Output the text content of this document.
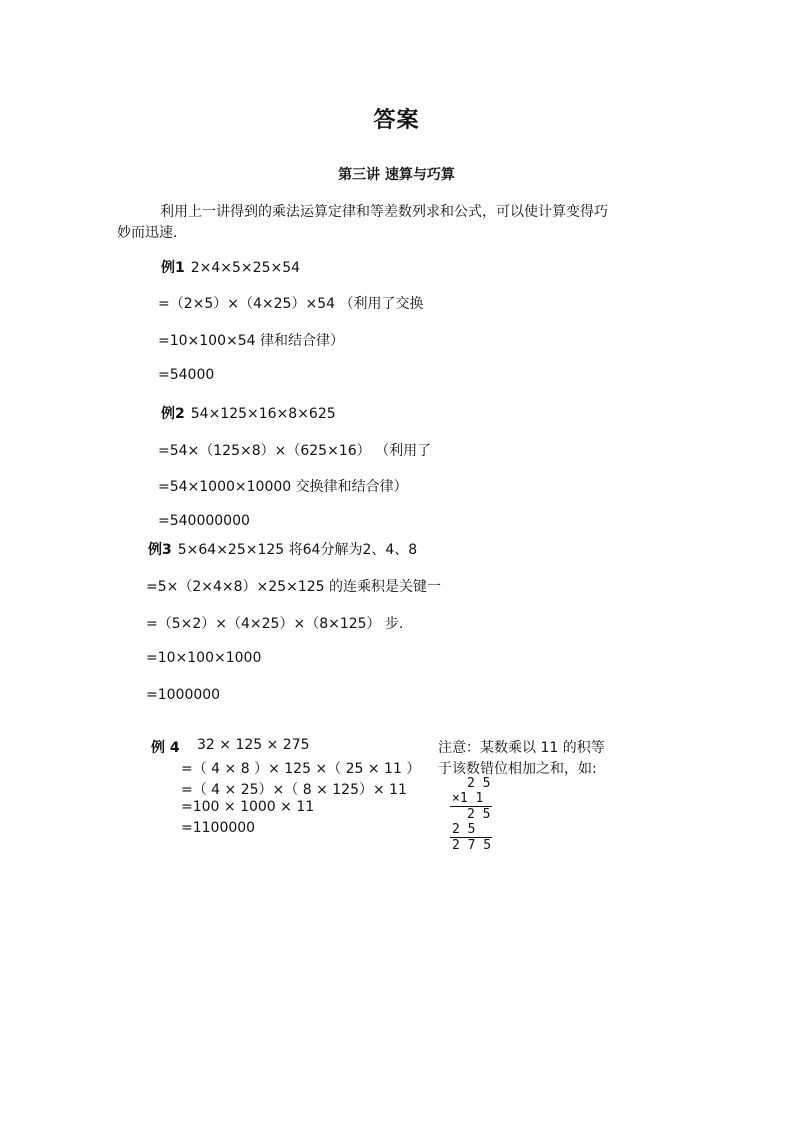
答案
第三讲 速算与巧算
利用上一讲得到的乘法运算定律和等差数列求和公式，可以使计算变得巧
妙而迅速.
例1 2×4×5×25×54
=（2×5）×（4×25）×54 （利用了交换
=10×100×54 律和结合律）
=54000
例2 54×125×16×8×625
=54×（125×8）×（625×16） （利用了
=54×1000×10000 交换律和结合律）
=540000000
例3 5×64×25×125 将64分解为2、4、8
=5×（2×4×8）×25×125 的连乘积是关键一
=（5×2）×（4×25）×（8×125） 步.
=10×100×1000
=1000000
例 4	32 × 125 × 275
=（ 4 × 8 ）× 125 ×（ 25 × 11 ）
=（ 4 × 25）×（ 8 × 125）× 11
=100 × 1000 × 11
=1100000
注意：某数乘以 11 的积等
于该数错位相加之和，如:
2 5
×1 1
2 5
2 5
2 7 5
